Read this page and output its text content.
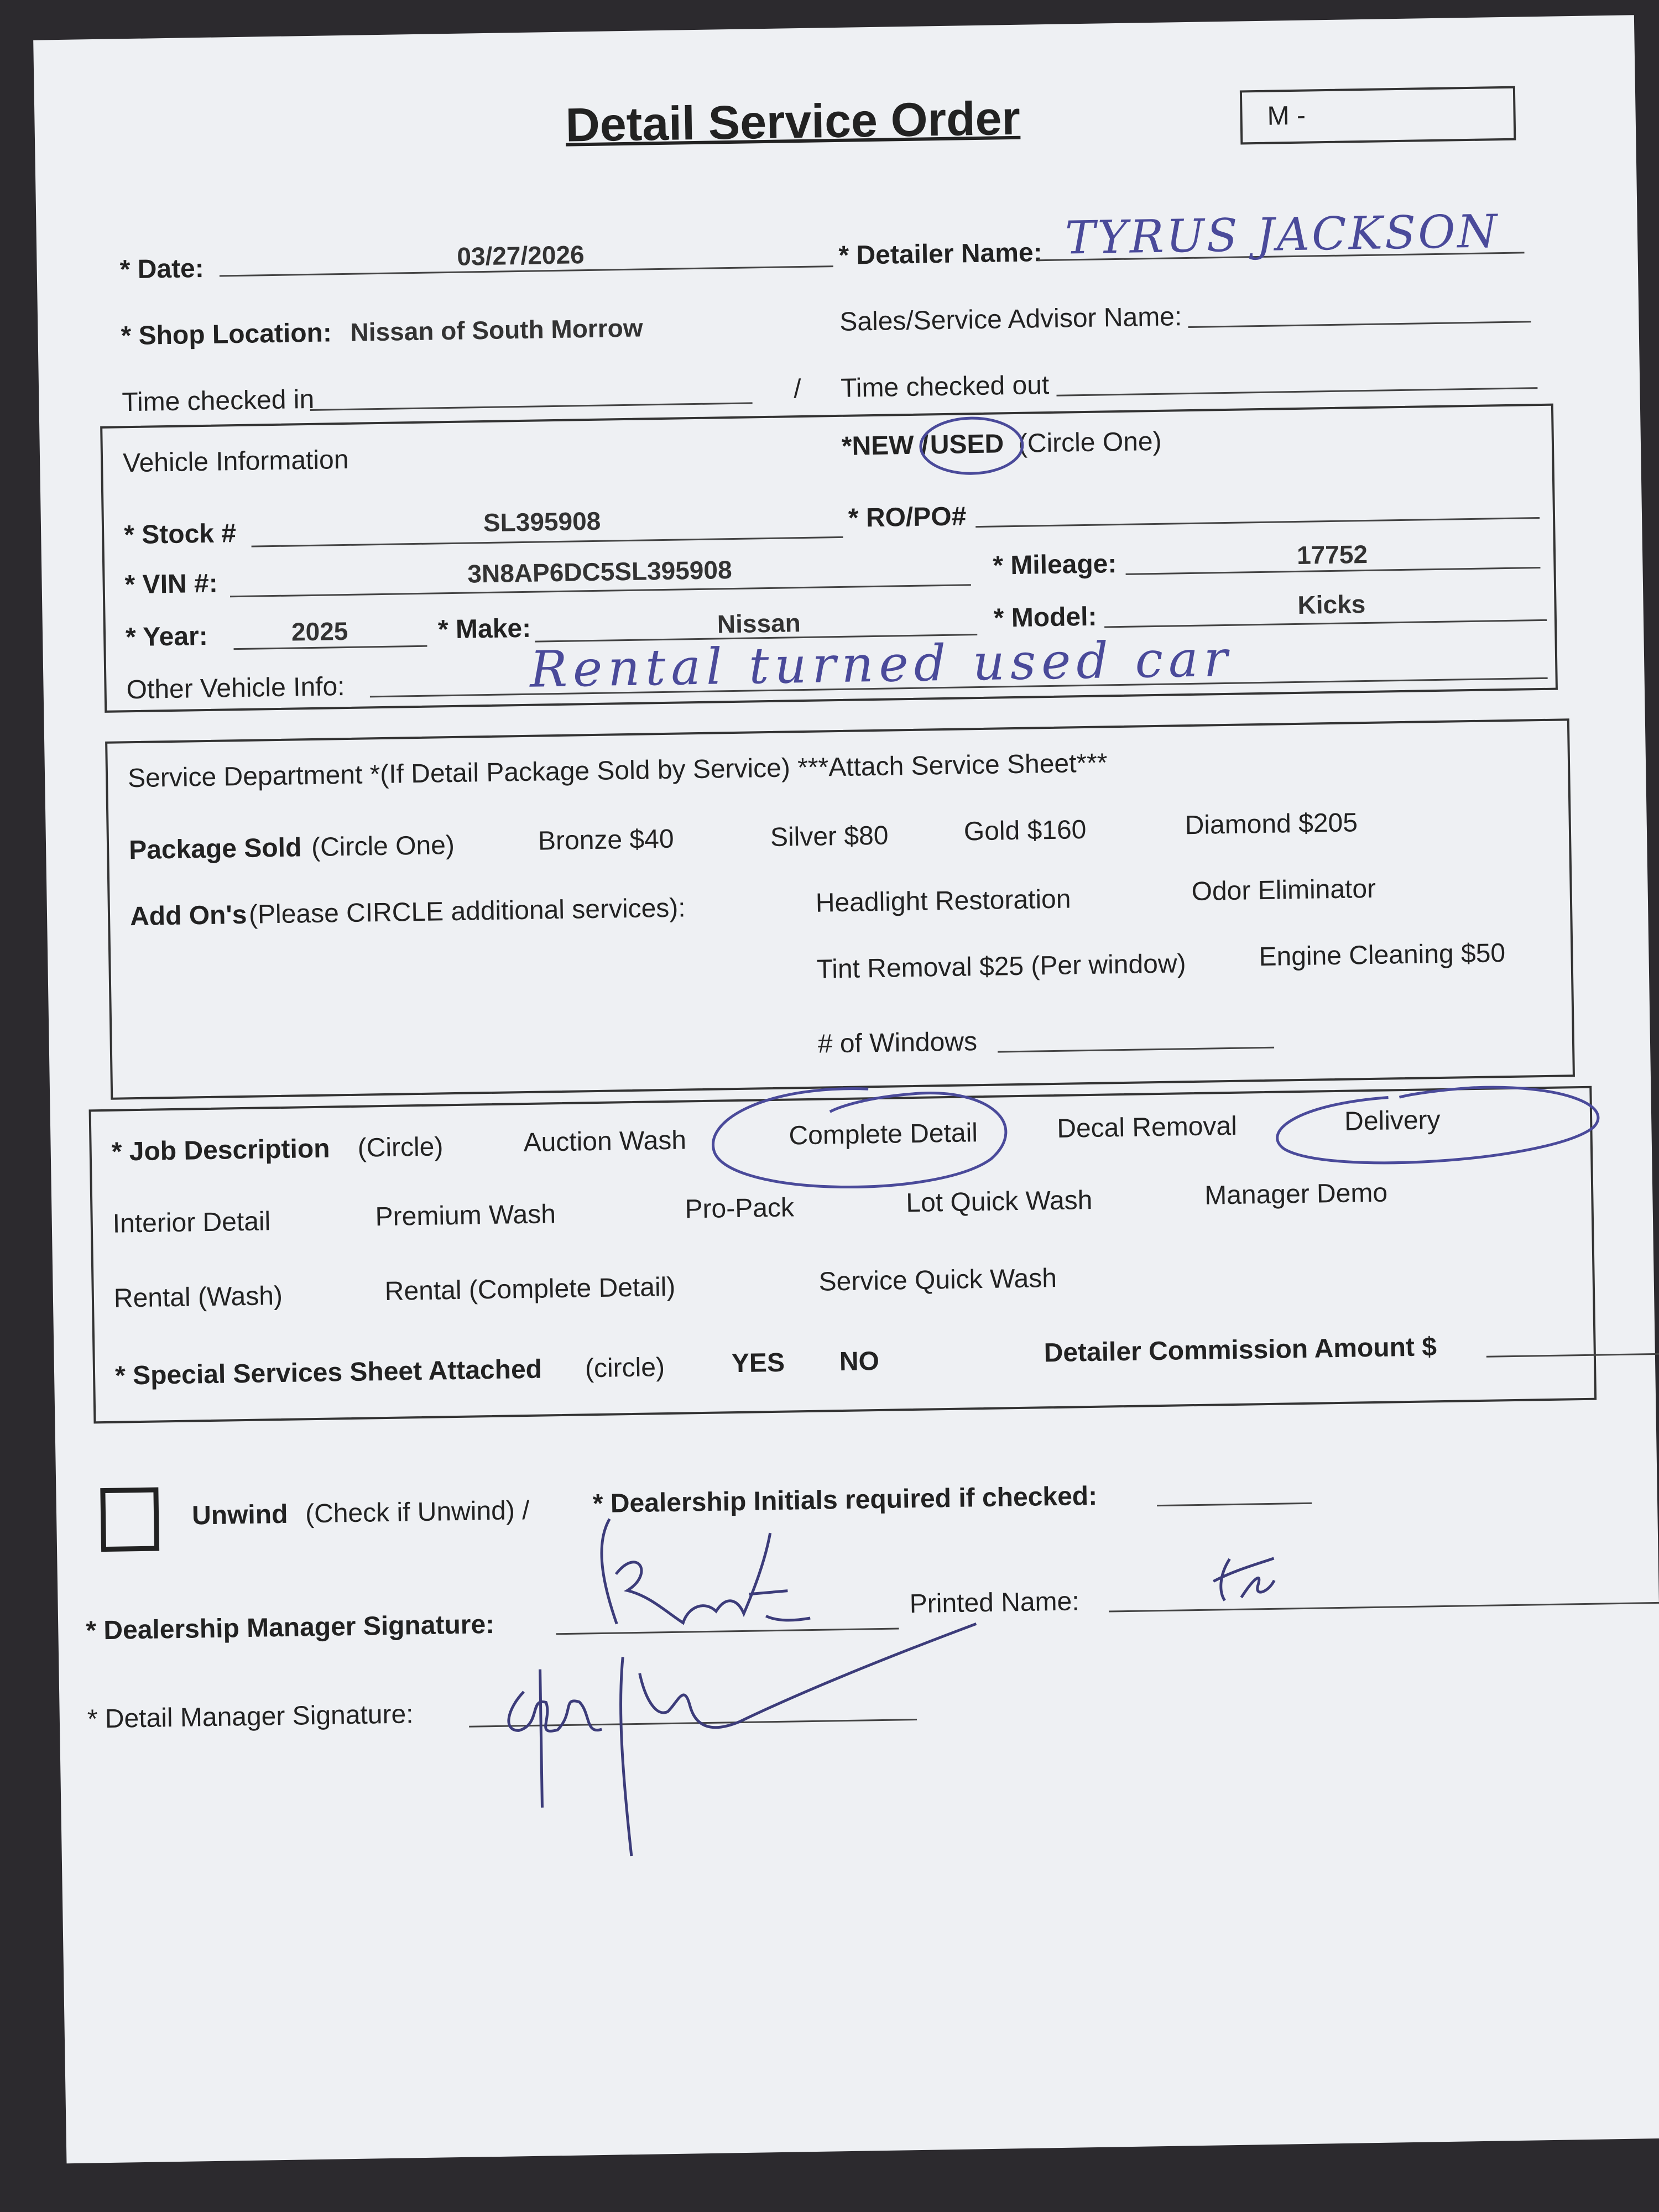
Detail Service Order	M -
* Date:	03/27/2026	* Detailer Name: TYRUS JACKSON
* Shop Location: Nissan of South Morrow	Sales/Service Advisor Name:
Time checked in	/ Time checked out
Vehicle Information	*NEW / USED (Circle One)
* Stock #	SL395908	* RO/PO#
* VIN #:	3N8AP6DC5SL395908	* Mileage:	17752
* Year:	2025	* Make:	Nissan	* Model:	Kicks
Other Vehicle Info:	Rental turned used car
Service Department *(If Detail Package Sold by Service) ***Attach Service Sheet***
Package Sold (Circle One)	Bronze $40	Silver $80	Gold $160	Diamond $205
Add On's (Please CIRCLE additional services):	Headlight Restoration	Odor Eliminator
Tint Removal $25 (Per window)	Engine Cleaning $50
# of Windows
* Job Description (Circle)	Auction Wash	Complete Detail	Decal Removal	Delivery
Interior Detail	Premium Wash	Pro-Pack	Lot Quick Wash	Manager Demo
Rental (Wash)	Rental (Complete Detail)	Service Quick Wash
* Special Services Sheet Attached (circle)	YES NO	Detailer Commission Amount $
Unwind (Check if Unwind) / * Dealership Initials required if checked:
* Dealership Manager Signature:
Printed Name:
* Detail Manager Signature:
